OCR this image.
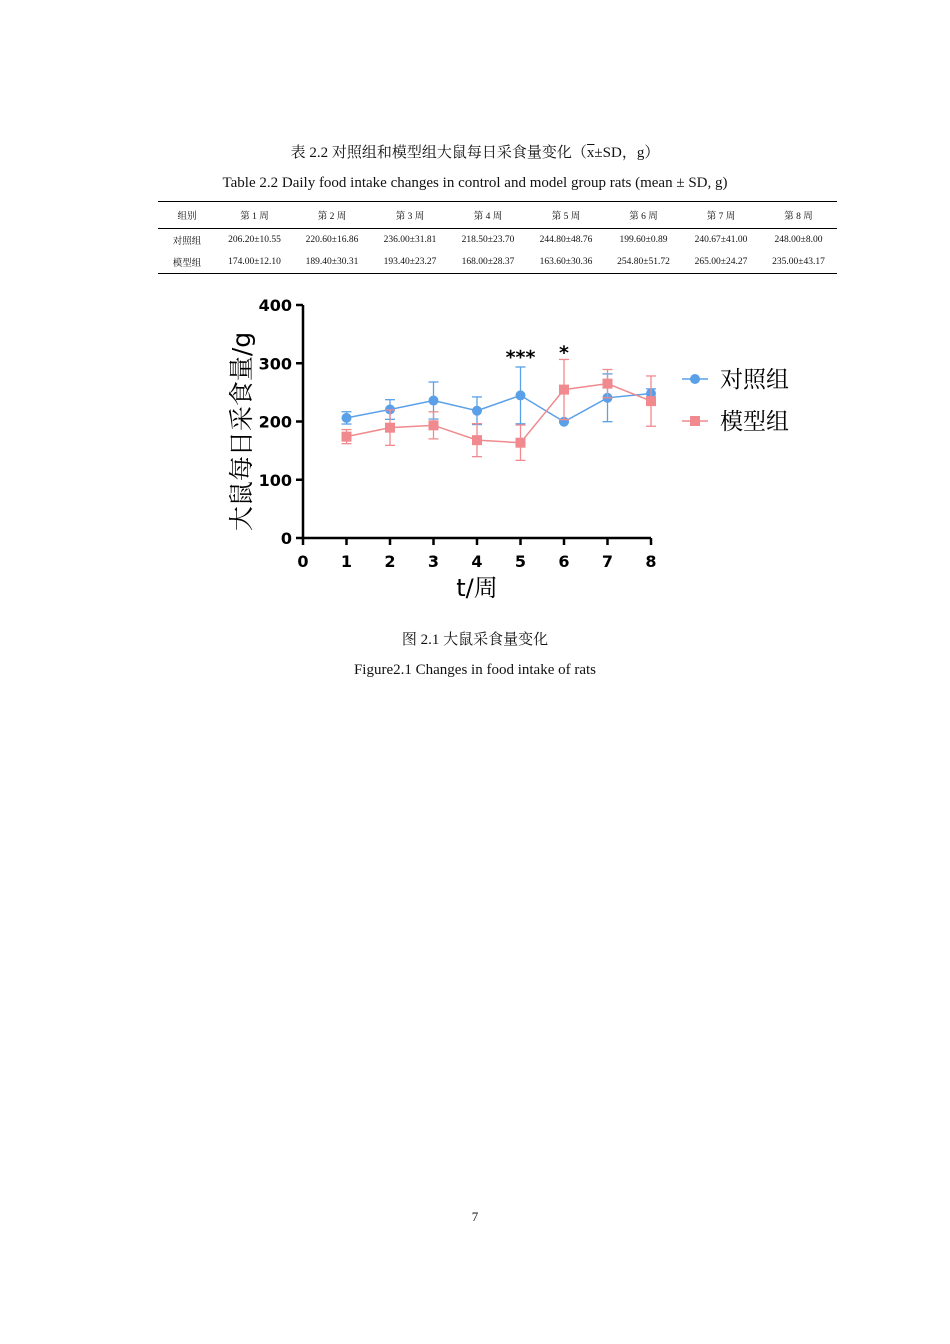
表 2.2 对照组和模型组大鼠每日采食量变化（$\overline{x}\pm SD$，g）
Table 2.2 Daily food intake changes in control and model group rats (mean ± SD, g)
组别	第 1 周	第 2 周	第 3 周	第 4 周	第 5 周	第 6 周	第 7 周	第 8 周
对照组	206.20±10.55	220.60±16.86	236.00±31.81	218.50±23.70	244.80±48.76	199.60±0.89	240.67±41.00	248.00±8.00
模型组	174.00±12.10	189.40±30.31	193.40±23.27	168.00±28.37	163.60±30.36	254.80±51.72	265.00±24.27	235.00±43.17
0
100
200
300
400
0 1 2 3 4 5 6 7 8
t/周
大鼠每日采食量/g	*** *
对照组
模型组
图 2.1 大鼠采食量变化
Figure2.1 Changes in food intake of rats
7
